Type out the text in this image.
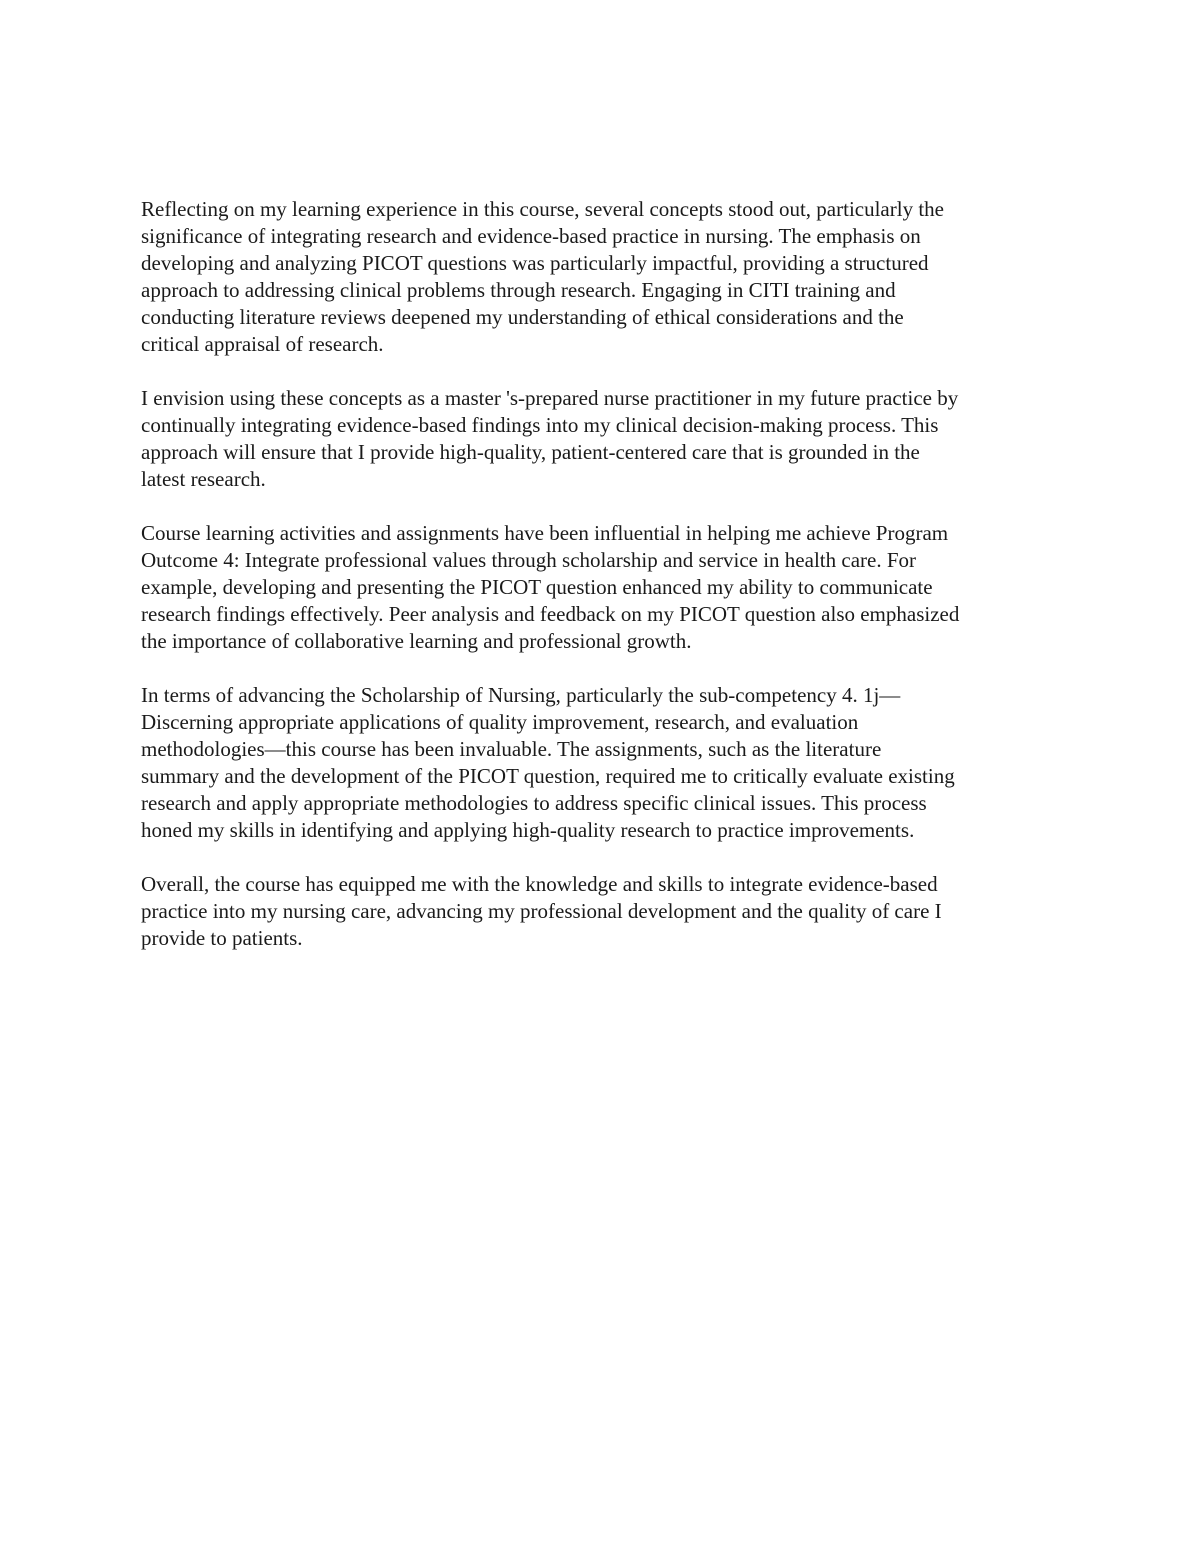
Reflecting on my learning experience in this course, several concepts stood out, particularly the
significance of integrating research and evidence-based practice in nursing. The emphasis on
developing and analyzing PICOT questions was particularly impactful, providing a structured
approach to addressing clinical problems through research. Engaging in CITI training and
conducting literature reviews deepened my understanding of ethical considerations and the
critical appraisal of research.
I envision using these concepts as a master 's-prepared nurse practitioner in my future practice by
continually integrating evidence-based findings into my clinical decision-making process. This
approach will ensure that I provide high-quality, patient-centered care that is grounded in the
latest research.
Course learning activities and assignments have been influential in helping me achieve Program
Outcome 4: Integrate professional values through scholarship and service in health care. For
example, developing and presenting the PICOT question enhanced my ability to communicate
research findings effectively. Peer analysis and feedback on my PICOT question also emphasized
the importance of collaborative learning and professional growth.
In terms of advancing the Scholarship of Nursing, particularly the sub-competency 4. 1j—
Discerning appropriate applications of quality improvement, research, and evaluation
methodologies—this course has been invaluable. The assignments, such as the literature
summary and the development of the PICOT question, required me to critically evaluate existing
research and apply appropriate methodologies to address specific clinical issues. This process
honed my skills in identifying and applying high-quality research to practice improvements.
Overall, the course has equipped me with the knowledge and skills to integrate evidence-based
practice into my nursing care, advancing my professional development and the quality of care I
provide to patients.
